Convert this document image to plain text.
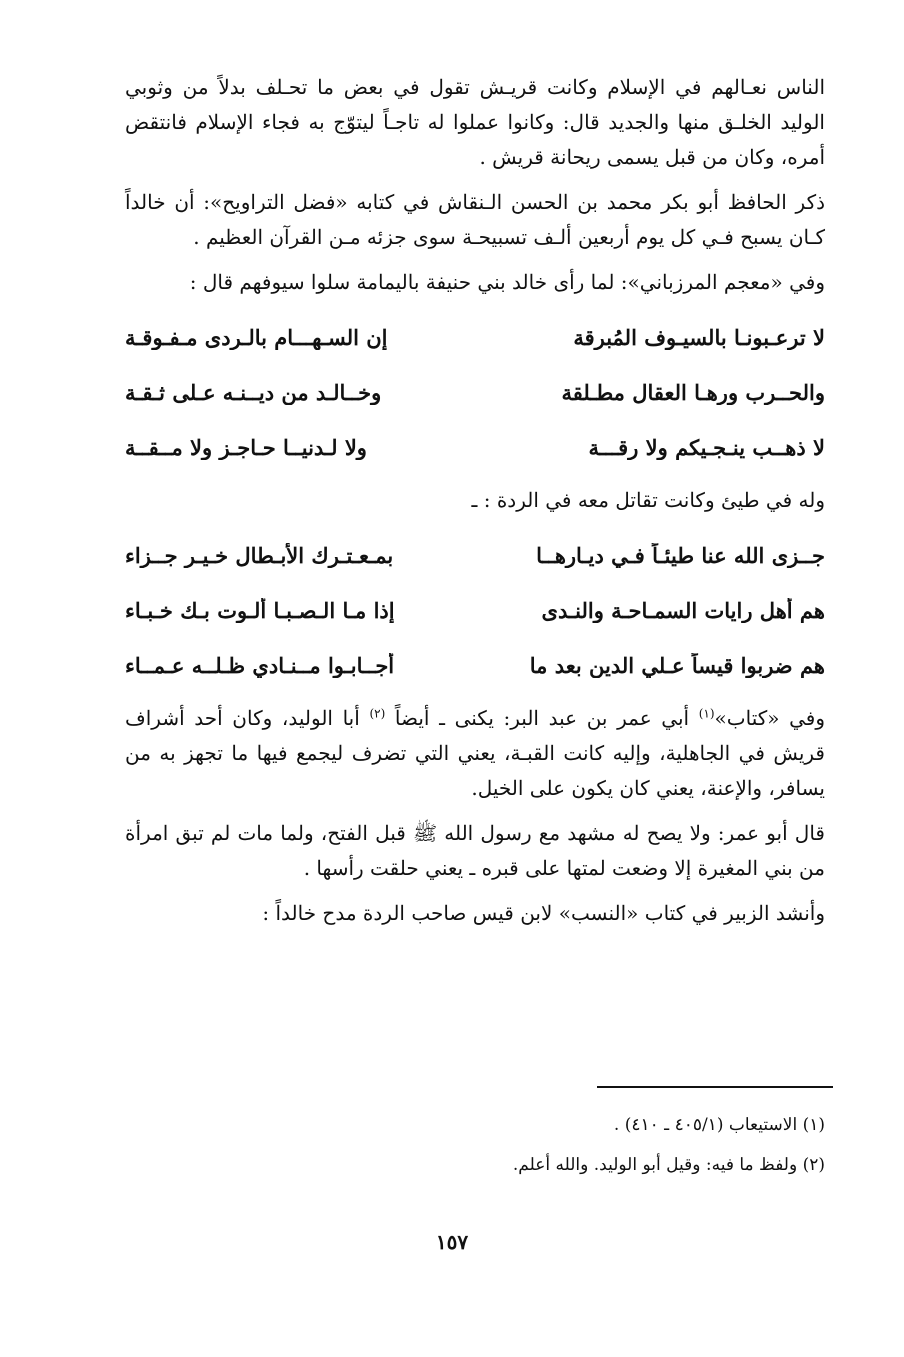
الناس نعـالهم في الإسلام وكانت قريـش تقول في بعض ما تحـلف بدلاً من وثوبي الوليد الخلـق منها والجديد قال: وكانوا عملوا له تاجـاً ليتوّج به فجاء الإسلام فانتقض أمره، وكان من قبل يسمى ريحانة قريش .

ذكر الحافظ أبو بكر محمد بن الحسن الـنقاش في كتابه «فضل التراويح»: أن خالداً كـان يسبح فـي كل يوم أربعين ألـف تسبيحـة سوى جزئه مـن القرآن العظيم .

وفي «معجم المرزباني»: لما رأى خالد بني حنيفة باليمامة سلوا سيوفهم قال :

لا ترعـبونـا بالسيـوف المُبرقة
إن السـهـــام بالـردى مـفـوقـة
والحــرب ورهـا العقال مطـلقة
وخــالـد من ديــنـه عـلى ثـقـة
لا ذهــب ينـجـيكم ولا رقـــة
ولا لـدنيــا حـاجـز ولا مــقــة

وله في طيئ وكانت تقاتل معه في الردة : ـ

جــزى الله عنا طيئـاً فـي ديـارهــا
بمـعـتـرك الأبـطال خـيـر جــزاء
هم أهل رايات السمـاحـة والنـدى
إذا مـا الـصـبـا ألـوت بـك خـبـاء
هم ضربوا قيساً عـلي الدين بعد ما
أجــابـوا مــنـادي ظـلــه عـمــاء

وفي «كتاب»$^{(١)}$ أبي عمر بن عبد البر: يكنى ـ أيضاً $^{(٢)}$ أبا الوليد، وكان أحد أشراف قريش في الجاهلية، وإليه كانت القبـة، يعني التي تضرف ليجمع فيها ما تجهز به من يسافر، والإعنة، يعني كان يكون على الخيل.

قال أبو عمر: ولا يصح له مشهد مع رسول الله ﷺ قبل الفتح، ولما مات لم تبق امرأة من بني المغيرة إلا وضعت لمتها على قبره ـ يعني حلقت رأسها .

وأنشد الزبير في كتاب «النسب» لابن قيس صاحب الردة مدح خالداً :

(١) الاستيعاب (٤٠٥/١ ـ ٤١٠) .
(٢) ولفظ ما فيه: وقيل أبو الوليد. والله أعلم.
١٥٧
